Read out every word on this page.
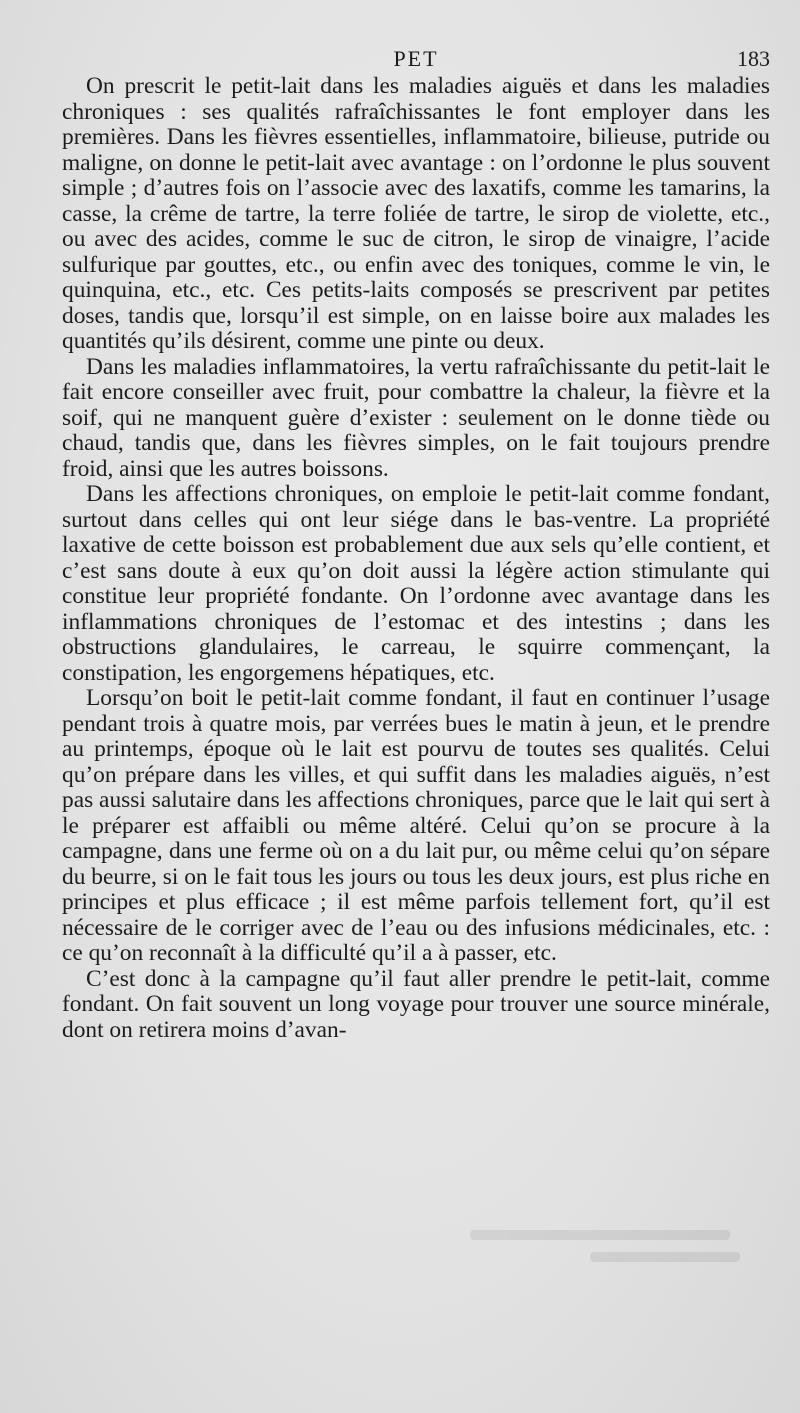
PET	183

On prescrit le petit-lait dans les maladies aiguës et dans les maladies chroniques : ses qualités rafraîchissantes le font employer dans les premières. Dans les fièvres essentielles, inflammatoire, bilieuse, putride ou maligne, on donne le petit-lait avec avantage : on l’ordonne le plus souvent simple ; d’autres fois on l’associe avec des laxatifs, comme les tamarins, la casse, la crême de tartre, la terre foliée de tartre, le sirop de violette, etc., ou avec des acides, comme le suc de citron, le sirop de vinaigre, l’acide sulfurique par gouttes, etc., ou enfin avec des toniques, comme le vin, le quinquina, etc., etc. Ces petits-laits composés se prescrivent par petites doses, tandis que, lorsqu’il est simple, on en laisse boire aux malades les quantités qu’ils désirent, comme une pinte ou deux.

Dans les maladies inflammatoires, la vertu rafraîchissante du petit-lait le fait encore conseiller avec fruit, pour combattre la chaleur, la fièvre et la soif, qui ne manquent guère d’exister : seulement on le donne tiède ou chaud, tandis que, dans les fièvres simples, on le fait toujours prendre froid, ainsi que les autres boissons.

Dans les affections chroniques, on emploie le petit-lait comme fondant, surtout dans celles qui ont leur siége dans le bas-ventre. La propriété laxative de cette boisson est probablement due aux sels qu’elle contient, et c’est sans doute à eux qu’on doit aussi la légère action stimulante qui constitue leur propriété fondante. On l’ordonne avec avantage dans les inflammations chroniques de l’estomac et des intestins ; dans les obstructions glandulaires, le carreau, le squirre commençant, la constipation, les engorgemens hépatiques, etc.

Lorsqu’on boit le petit-lait comme fondant, il faut en continuer l’usage pendant trois à quatre mois, par verrées bues le matin à jeun, et le prendre au printemps, époque où le lait est pourvu de toutes ses qualités. Celui qu’on prépare dans les villes, et qui suffit dans les maladies aiguës, n’est pas aussi salutaire dans les affections chroniques, parce que le lait qui sert à le préparer est affaibli ou même altéré. Celui qu’on se procure à la campagne, dans une ferme où on a du lait pur, ou même celui qu’on sépare du beurre, si on le fait tous les jours ou tous les deux jours, est plus riche en principes et plus efficace ; il est même parfois tellement fort, qu’il est nécessaire de le corriger avec de l’eau ou des infusions médicinales, etc. : ce qu’on reconnaît à la difficulté qu’il a à passer, etc.

C’est donc à la campagne qu’il faut aller prendre le petit-lait, comme fondant. On fait souvent un long voyage pour trouver une source minérale, dont on retirera moins d’avan-
